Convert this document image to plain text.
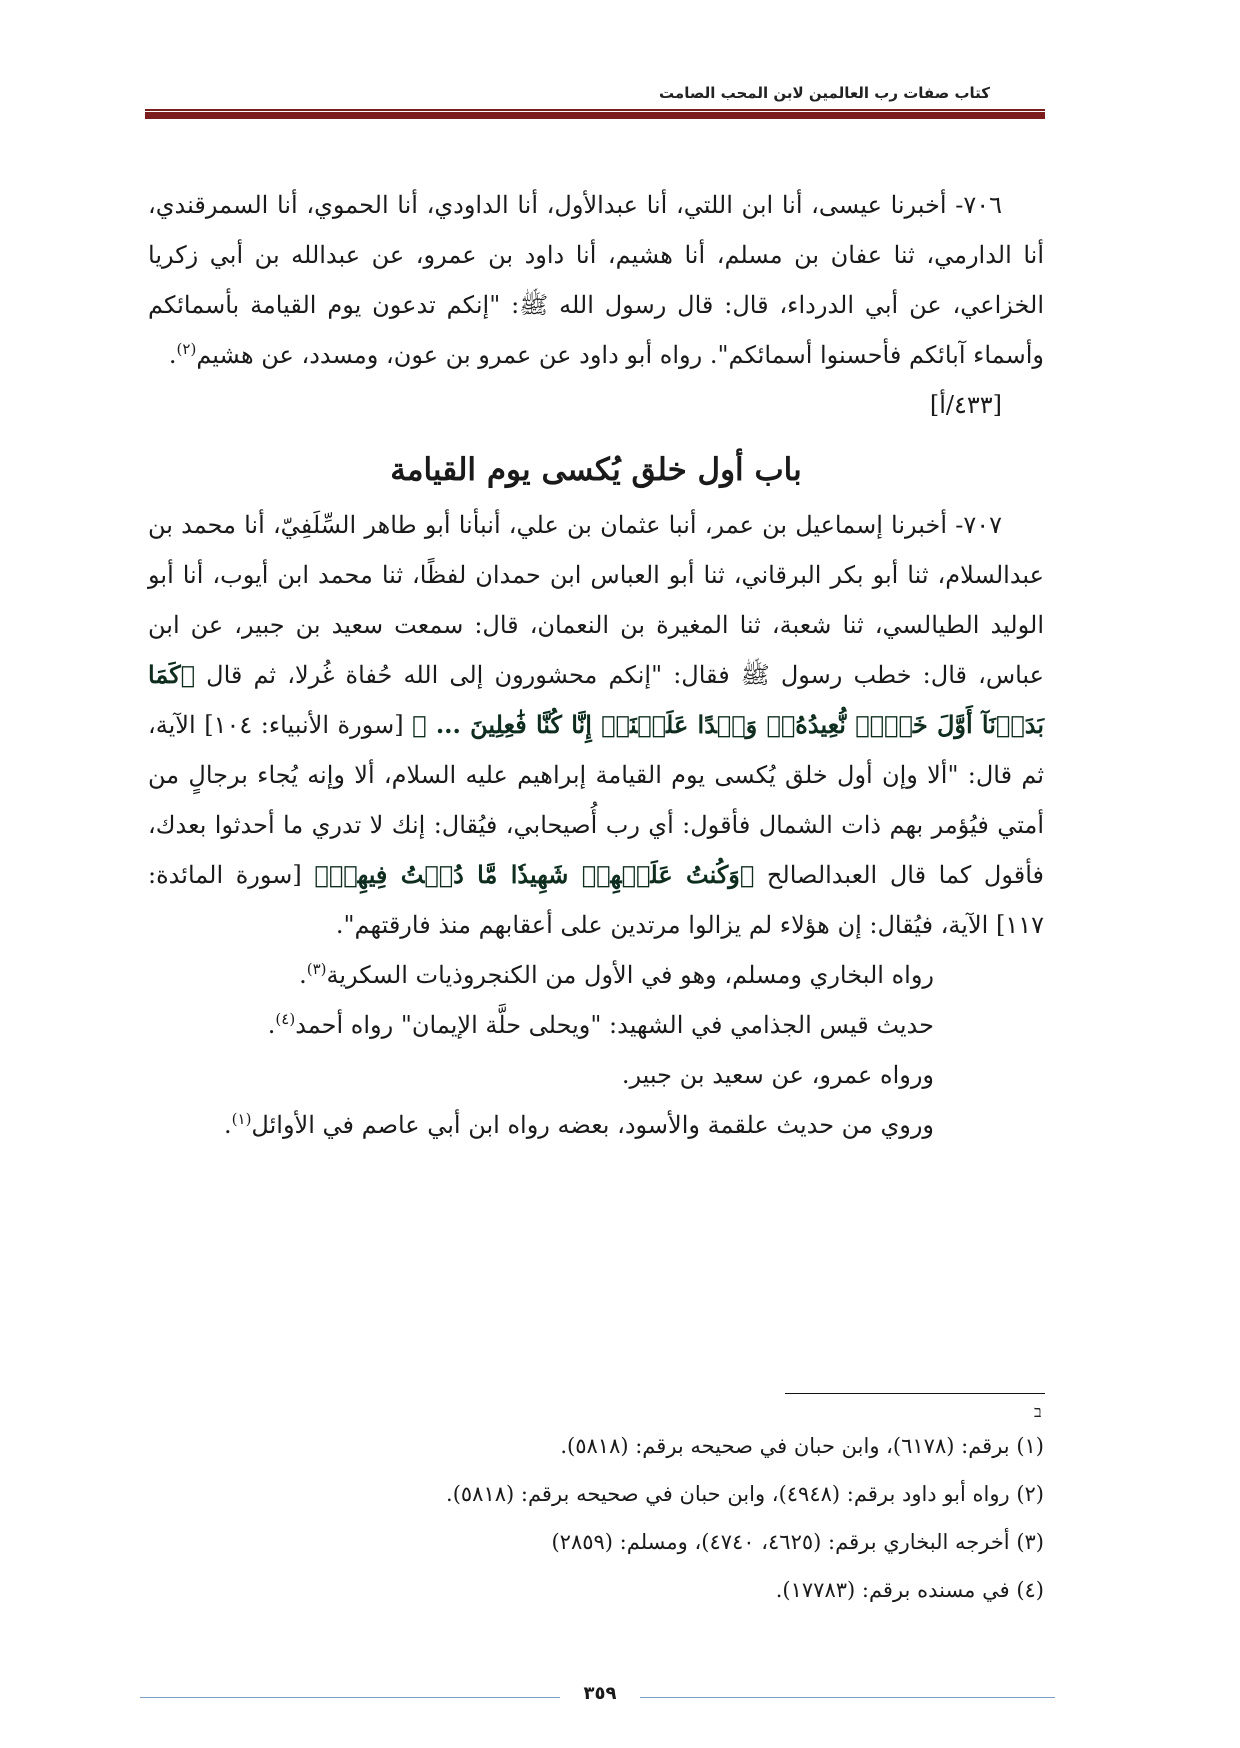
كتاب صفات رب العالمين لابن المحب الصامت

٧٠٦- أخبرنا عيسى، أنا ابن اللتي، أنا عبدالأول، أنا الداودي، أنا الحموي، أنا السمرقندي، أنا الدارمي، ثنا عفان بن مسلم، أنا هشيم، أنا داود بن عمرو، عن عبدالله بن أبي زكريا الخزاعي، عن أبي الدرداء، قال: قال رسول الله ﷺ: "إنكم تدعون يوم القيامة بأسمائكم وأسماء آبائكم فأحسنوا أسمائكم". رواه أبو داود عن عمرو بن عون، ومسدد، عن هشيم$^{(٢)}$.

[٤٣٣/أ]

باب أول خلق يُكسى يوم القيامة

٧٠٧- أخبرنا إسماعيل بن عمر، أنبا عثمان بن علي، أنبأنا أبو طاهر السِّلَفِيّ، أنا محمد بن عبدالسلام، ثنا أبو بكر البرقاني، ثنا أبو العباس ابن حمدان لفظًا، ثنا محمد ابن أيوب، أنا أبو الوليد الطيالسي، ثنا شعبة، ثنا المغيرة بن النعمان، قال: سمعت سعيد بن جبير، عن ابن عباس، قال: خطب رسول ﷺ فقال: "إنكم محشورون إلى الله حُفاة غُرلا، ثم قال ﴿كَمَا بَدَأۡنَآ أَوَّلَ خَلۡقٖ نُّعِيدُهُۥۚ وَعۡدًا عَلَيۡنَآۚ إِنَّا كُنَّا فَٰعِلِينَ ... ﴾ [سورة الأنبياء: ١٠٤] الآية، ثم قال: "ألا وإن أول خلق يُكسى يوم القيامة إبراهيم عليه السلام، ألا وإنه يُجاء برجالٍ من أمتي فيُؤمر بهم ذات الشمال فأقول: أي رب أُصيحابي، فيُقال: إنك لا تدري ما أحدثوا بعدك، فأقول كما قال العبدالصالح ﴿وَكُنتُ عَلَيۡهِمۡ شَهِيدٗا مَّا دُمۡتُ فِيهِمۡ﴾ [سورة المائدة: ١١٧] الآية، فيُقال: إن هؤلاء لم يزالوا مرتدين على أعقابهم منذ فارقتهم".

رواه البخاري ومسلم، وهو في الأول من الكنجروذيات السكرية$^{(٣)}$.

حديث قيس الجذامي في الشهيد: "ويحلى حلَّة الإيمان" رواه أحمد$^{(٤)}$.

ورواه عمرو، عن سعيد بن جبير.

وروي من حديث علقمة والأسود، بعضه رواه ابن أبي عاصم في الأوائل$^{(١)}$.

ב

(١) برقم: (٦١٧٨)، وابن حبان في صحيحه برقم: (٥٨١٨).

(٢) رواه أبو داود برقم: (٤٩٤٨)، وابن حبان في صحيحه برقم: (٥٨١٨).

(٣) أخرجه البخاري برقم: (٤٦٢٥، ٤٧٤٠)، ومسلم: (٢٨٥٩)

(٤) في مسنده برقم: (١٧٧٨٣).

٣٥٩
